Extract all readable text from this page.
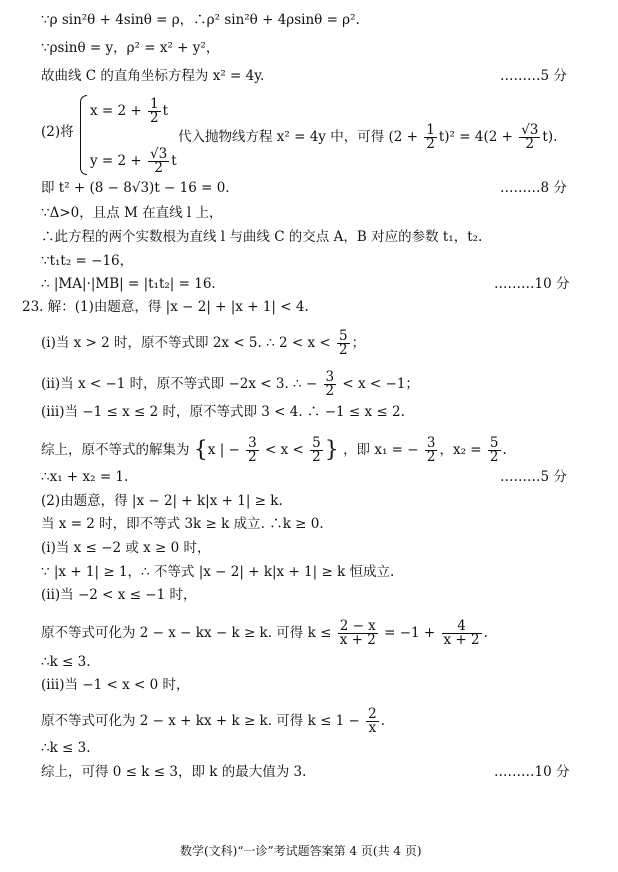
∵ρ sin²θ + 4sinθ = ρ，∴ρ² sin²θ + 4ρsinθ = ρ².
∵ρsinθ = y，ρ² = x² + y²，
故曲线 C 的直角坐标方程为 x² = 4y.	………5 分
(2)将
$x = 2 + \frac{1}{2}$ t
$y = 2 + \frac{√3}{2}$ t
代入抛物线方程 x² = 4y 中，可得 $(2 + \frac{1}{2} t)^2 = 4(2 + \frac{√3}{2} t)$.
即 t² + (8 − 8√3)t − 16 = 0.	………8 分
∵Δ>0，且点 M 在直线 l 上，
∴此方程的两个实数根为直线 l 与曲线 C 的交点 A，B 对应的参数 t₁，t₂.
∵t₁t₂ = −16，
∴ |MA|·|MB| = |t₁t₂| = 16.	………10 分
23. 解：(1)由题意，得 |x − 2| + |x + 1| < 4.
(i)当 x > 2 时，原不等式即 2x < 5. ∴ $2 < x < \frac{5}{2}$ ；
(ii)当 x < −1 时，原不等式即 −2x < 3. ∴ − $\frac{3}{2} < x < -1$；
(iii)当 −1 ≤ x ≤ 2 时，原不等式即 3 < 4. ∴ −1 ≤ x ≤ 2.
综上，原不等式的解集为 {x | − $\frac{3}{2} < x < \frac{5}{2}$ } ，即 x₁ = − $\frac{3}{2}$ ，$x_2 = \frac{5}{2}$ .
∴x₁ + x₂ = 1.	………5 分
(2)由题意，得 |x − 2| + k|x + 1| ≥ k.
当 x = 2 时，即不等式 3k ≥ k 成立. ∴k ≥ 0.
(i)当 x ≤ −2 或 x ≥ 0 时，
∵ |x + 1| ≥ 1，∴ 不等式 |x − 2| + k|x + 1| ≥ k 恒成立.
(ii)当 −2 < x ≤ −1 时，
原不等式可化为 2 − x − kx − k ≥ k. 可得 $k \le \frac{2 - x}{x + 2} = -1 + \frac{4}{x + 2}$ .
∴k ≤ 3.
(iii)当 −1 < x < 0 时，
原不等式可化为 2 − x + kx + k ≥ k. 可得 $k \le 1 - \frac{2}{x}$ .
∴k ≤ 3.
综上，可得 0 ≤ k ≤ 3，即 k 的最大值为 3.	………10 分
数学(文科)“一诊”考试题答案第 4 页(共 4 页)
